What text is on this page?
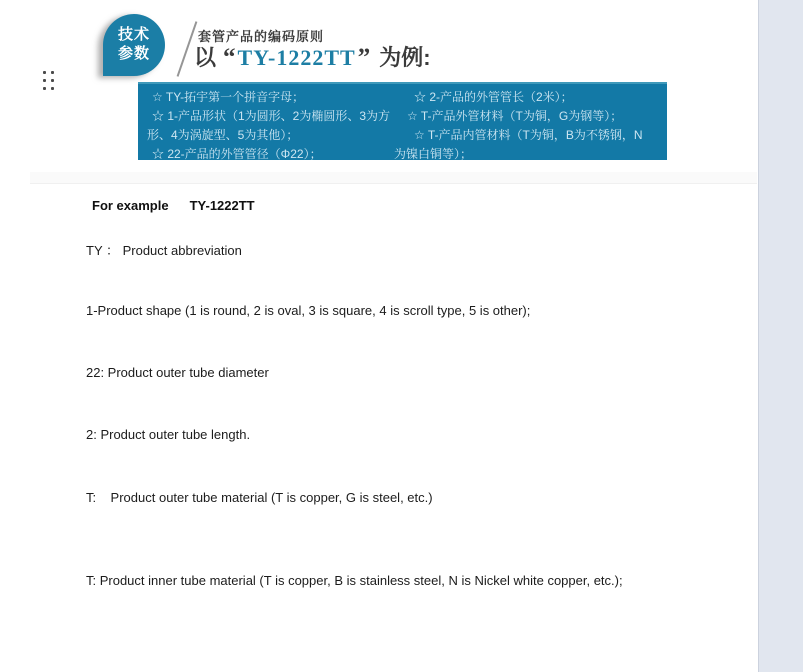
技术
参数
套管产品的编码原则
以 “TY-1222TT” 为例:
☆ TY-拓宇第一个拼音字母；
☆ 1-产品形状（1为圆形、2为椭圆形、3为方
形、4为涡旋型、5为其他）；
☆ 22-产品的外管管径（Φ22）；
☆ 2-产品的外管管长（2米）；
☆ T-产品外管材料（T为铜，G为钢等）；
☆ T-产品内管材料（T为铜，B为不锈钢，N
为镍白铜等）；
For example TY-1222TT
TY ： Product abbreviation
1-Product shape (1 is round, 2 is oval, 3 is square, 4 is scroll type, 5 is other);
22: Product outer tube diameter
2: Product outer tube length.
T:    Product outer tube material (T is copper, G is steel, etc.)
T: Product inner tube material (T is copper, B is stainless steel, N is Nickel white copper, etc.);
